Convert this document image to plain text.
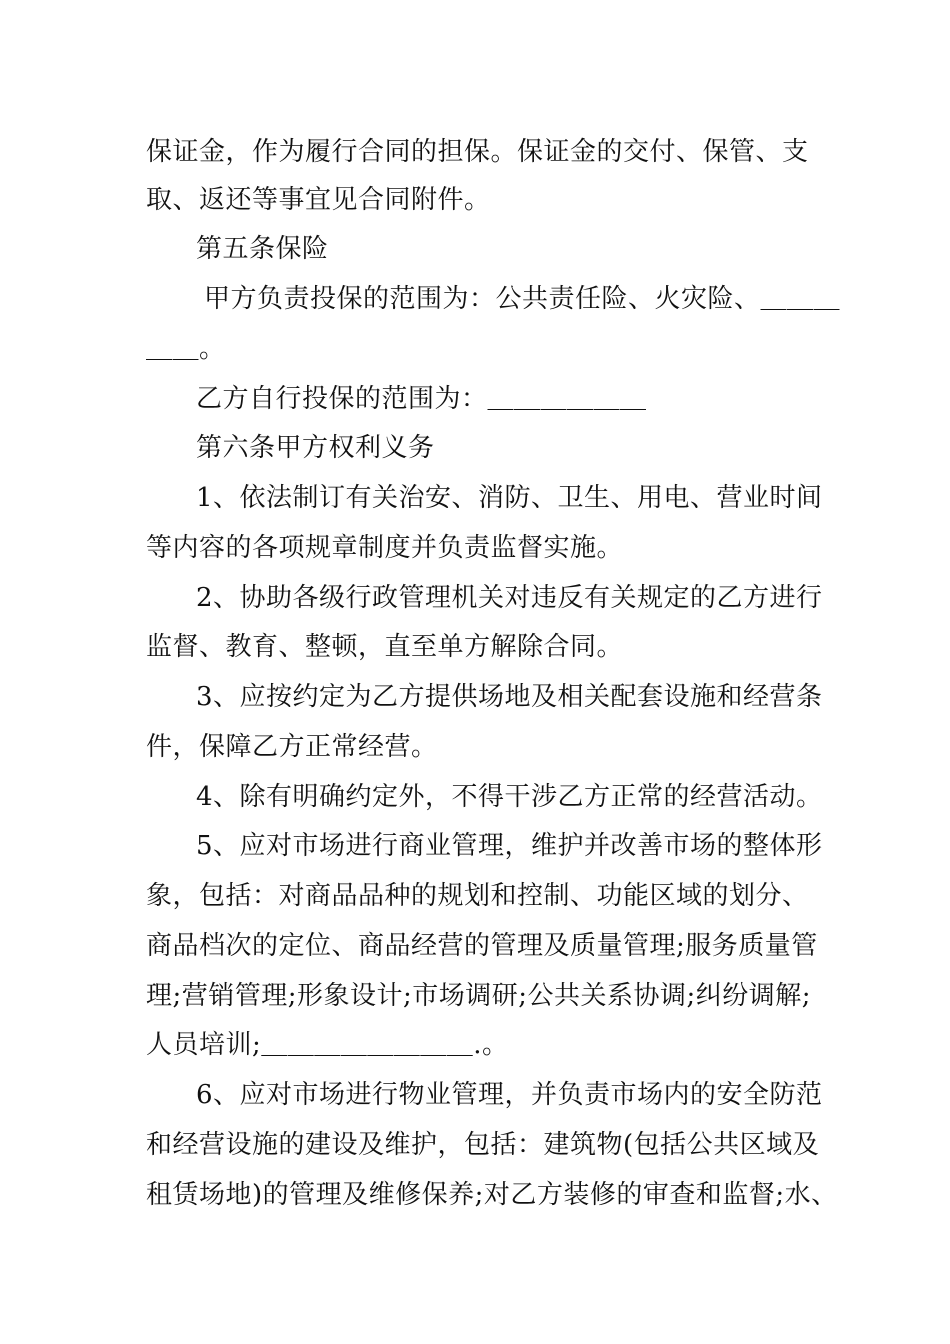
保证金，作为履行合同的担保。保证金的交付、保管、支
取、返还等事宜见合同附件。
第五条保险
甲方负责投保的范围为：公共责任险、火灾险、＿＿＿
＿＿。
乙方自行投保的范围为：＿＿＿＿＿＿
第六条甲方权利义务
1、依法制订有关治安、消防、卫生、用电、营业时间
等内容的各项规章制度并负责监督实施。
2、协助各级行政管理机关对违反有关规定的乙方进行
监督、教育、整顿，直至单方解除合同。
3、应按约定为乙方提供场地及相关配套设施和经营条
件，保障乙方正常经营。
4、除有明确约定外，不得干涉乙方正常的经营活动。
5、应对市场进行商业管理，维护并改善市场的整体形
象，包括：对商品品种的规划和控制、功能区域的划分、
商品档次的定位、商品经营的管理及质量管理;服务质量管
理;营销管理;形象设计;市场调研;公共关系协调;纠纷调解;
人员培训;＿＿＿＿＿＿＿＿.。
6、应对市场进行物业管理，并负责市场内的安全防范
和经营设施的建设及维护，包括：建筑物(包括公共区域及
租赁场地)的管理及维修保养;对乙方装修的审查和监督;水、
